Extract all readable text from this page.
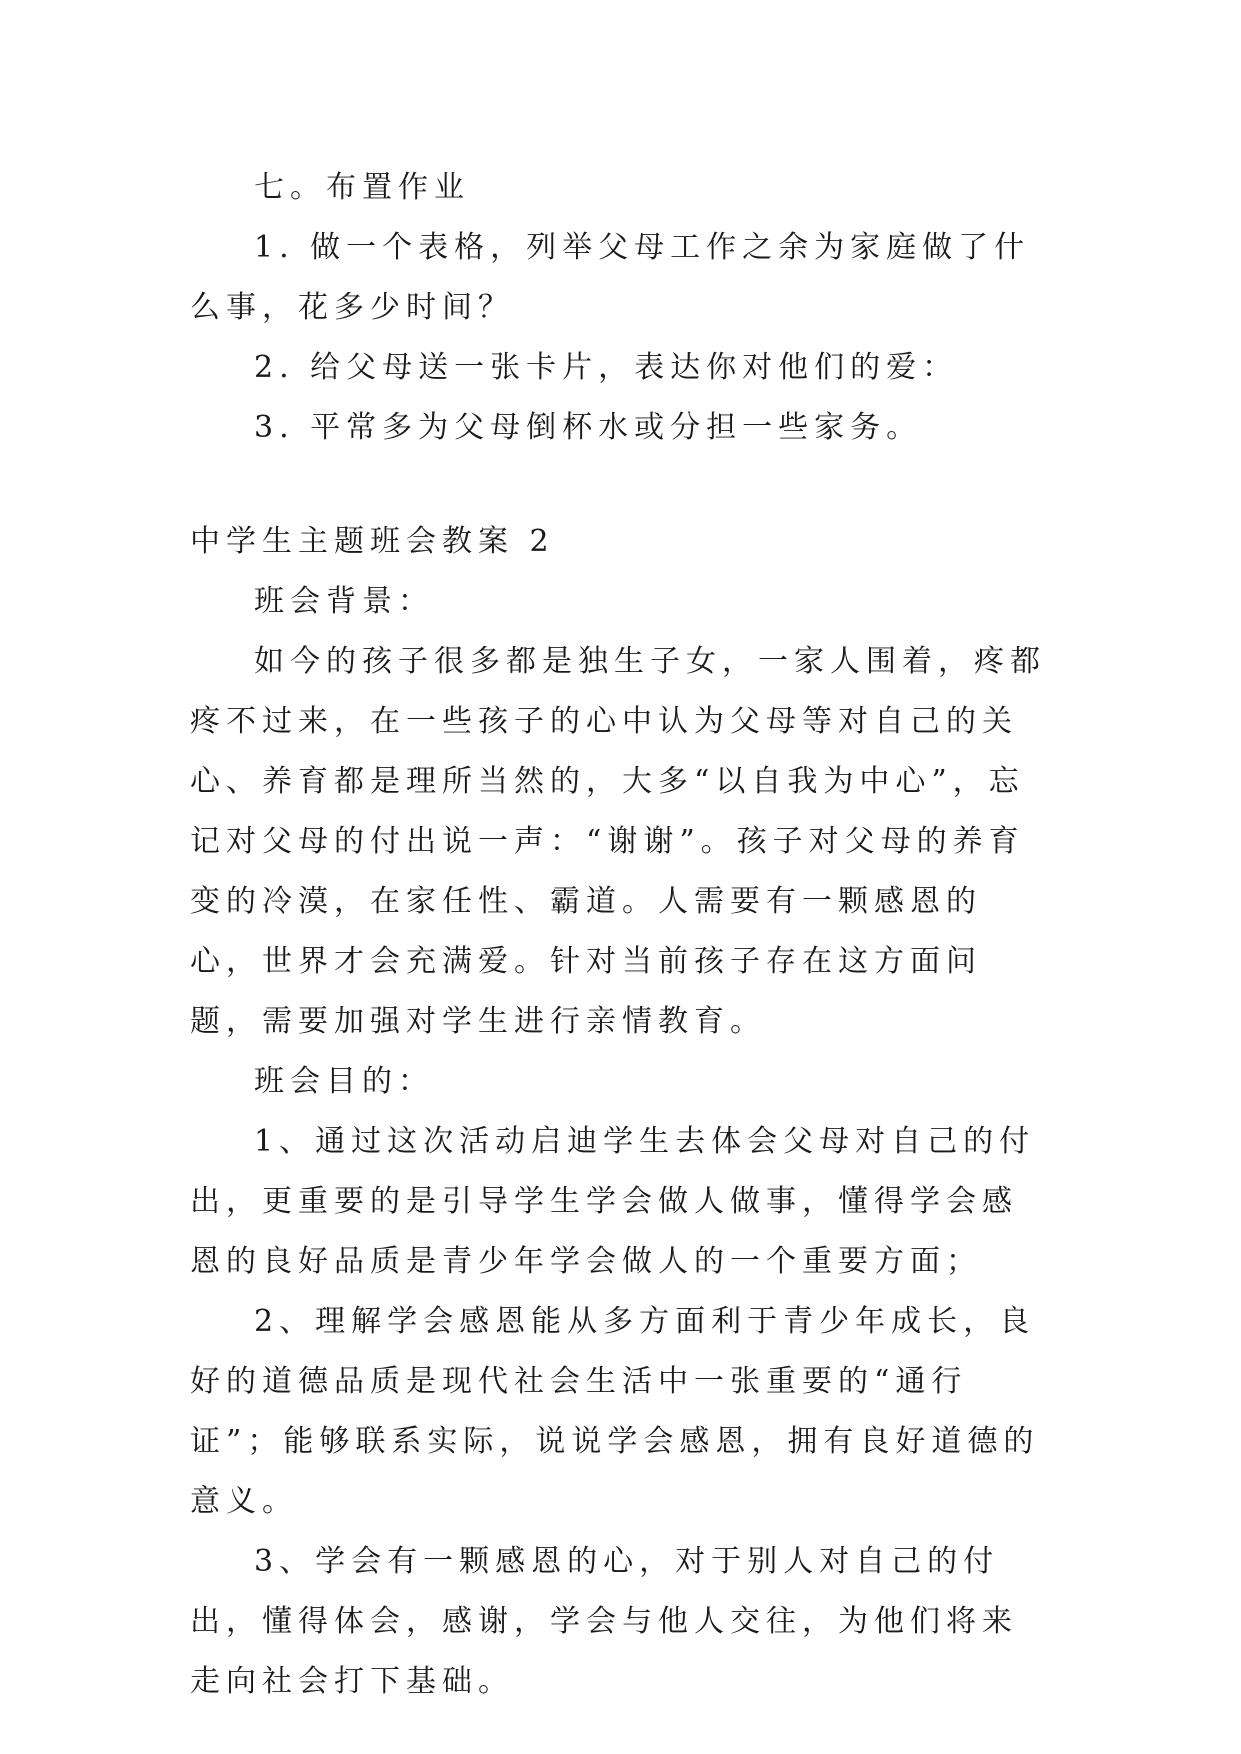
七。布置作业

1. 做一个表格，列举父母工作之余为家庭做了什么事，花多少时间？

2. 给父母送一张卡片，表达你对他们的爱：

3. 平常多为父母倒杯水或分担一些家务。

中学生主题班会教案 2

班会背景：

如今的孩子很多都是独生子女，一家人围着，疼都疼不过来，在一些孩子的心中认为父母等对自己的关心、养育都是理所当然的，大多“以自我为中心”，忘记对父母的付出说一声：“谢谢”。孩子对父母的养育变的冷漠，在家任性、霸道。人需要有一颗感恩的心，世界才会充满爱。针对当前孩子存在这方面问题，需要加强对学生进行亲情教育。

班会目的：

1、通过这次活动启迪学生去体会父母对自己的付出，更重要的是引导学生学会做人做事，懂得学会感恩的良好品质是青少年学会做人的一个重要方面；

2、理解学会感恩能从多方面利于青少年成长，良好的道德品质是现代社会生活中一张重要的“通行证”；能够联系实际，说说学会感恩，拥有良好道德的意义。

3、学会有一颗感恩的心，对于别人对自己的付出，懂得体会，感谢，学会与他人交往，为他们将来走向社会打下基础。
